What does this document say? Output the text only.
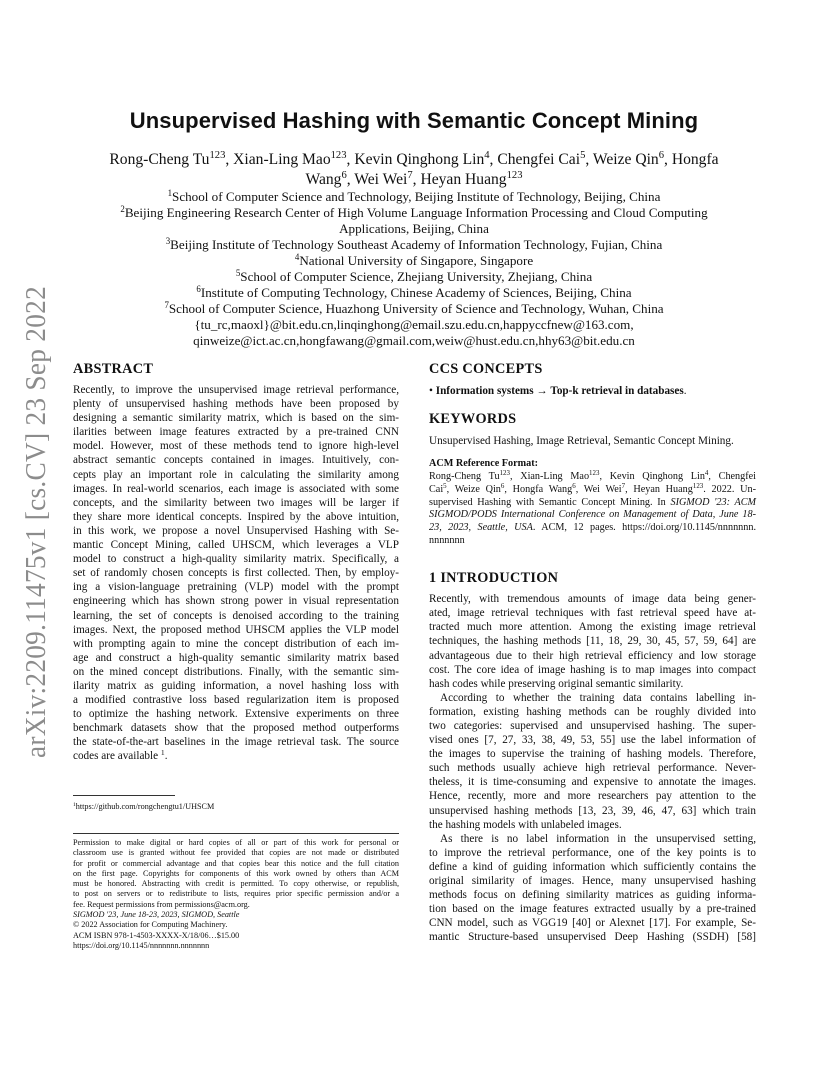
arXiv:2209.11475v1 [cs.CV] 23 Sep 2022
Unsupervised Hashing with Semantic Concept Mining
Rong-Cheng Tu$^{123}$, Xian-Ling Mao$^{123}$, Kevin Qinghong Lin$^4$, Chengfei Cai$^5$, Weize Qin$^6$, Hongfa
Wang$^6$, Wei Wei$^7$, Heyan Huang$^{123}$
$^1$School of Computer Science and Technology, Beijing Institute of Technology, Beijing, China
$^2$Beijing Engineering Research Center of High Volume Language Information Processing and Cloud Computing
Applications, Beijing, China
$^3$Beijing Institute of Technology Southeast Academy of Information Technology, Fujian, China
$^4$National University of Singapore, Singapore
$^5$School of Computer Science, Zhejiang University, Zhejiang, China
$^6$Institute of Computing Technology, Chinese Academy of Sciences, Beijing, China
$^7$School of Computer Science, Huazhong University of Science and Technology, Wuhan, China
{tu_rc,maoxl}@bit.edu.cn,linqinghong@email.szu.edu.cn,happyccfnew@163.com,
qinweize@ict.ac.cn,hongfawang@gmail.com,weiw@hust.edu.cn,hhy63@bit.edu.cn
ABSTRACT
Recently, to improve the unsupervised image retrieval performance,
plenty of unsupervised hashing methods have been proposed by
designing a semantic similarity matrix, which is based on the sim-
ilarities between image features extracted by a pre-trained CNN
model. However, most of these methods tend to ignore high-level
abstract semantic concepts contained in images. Intuitively, con-
cepts play an important role in calculating the similarity among
images. In real-world scenarios, each image is associated with some
concepts, and the similarity between two images will be larger if
they share more identical concepts. Inspired by the above intuition,
in this work, we propose a novel Unsupervised Hashing with Se-
mantic Concept Mining, called UHSCM, which leverages a VLP
model to construct a high-quality similarity matrix. Specifically, a
set of randomly chosen concepts is first collected. Then, by employ-
ing a vision-language pretraining (VLP) model with the prompt
engineering which has shown strong power in visual representation
learning, the set of concepts is denoised according to the training
images. Next, the proposed method UHSCM applies the VLP model
with prompting again to mine the concept distribution of each im-
age and construct a high-quality semantic similarity matrix based
on the mined concept distributions. Finally, with the semantic sim-
ilarity matrix as guiding information, a novel hashing loss with
a modified contrastive loss based regularization item is proposed
to optimize the hashing network. Extensive experiments on three
benchmark datasets show that the proposed method outperforms
the state-of-the-art baselines in the image retrieval task. The source
codes are available $^1$.
$^1$https://github.com/rongchengtu1/UHSCM
Permission to make digital or hard copies of all or part of this work for personal or
classroom use is granted without fee provided that copies are not made or distributed
for profit or commercial advantage and that copies bear this notice and the full citation
on the first page. Copyrights for components of this work owned by others than ACM
must be honored. Abstracting with credit is permitted. To copy otherwise, or republish,
to post on servers or to redistribute to lists, requires prior specific permission and/or a
fee. Request permissions from permissions@acm.org.
SIGMOD '23, June 18-23, 2023, SIGMOD, Seattle
© 2022 Association for Computing Machinery.
ACM ISBN 978-1-4503-XXXX-X/18/06…$15.00
https://doi.org/10.1145/nnnnnnn.nnnnnnn
CCS CONCEPTS

• Information systems → Top-k retrieval in databases.

KEYWORDS

Unsupervised Hashing, Image Retrieval, Semantic Concept Mining.

ACM Reference Format:
Rong-Cheng Tu$^{123}$, Xian-Ling Mao$^{123}$, Kevin Qinghong Lin$^4$, Chengfei
Cai$^5$, Weize Qin$^6$, Hongfa Wang$^6$, Wei Wei$^7$, Heyan Huang$^{123}$. 2022. Un-
supervised Hashing with Semantic Concept Mining. In SIGMOD '23: ACM
SIGMOD/PODS International Conference on Management of Data, June 18-
23, 2023, Seattle, USA. ACM, 12 pages. https://doi.org/10.1145/nnnnnnn.
nnnnnnn
1 INTRODUCTION
Recently, with tremendous amounts of image data being gener-
ated, image retrieval techniques with fast retrieval speed have at-
tracted much more attention. Among the existing image retrieval
techniques, the hashing methods [11, 18, 29, 30, 45, 57, 59, 64] are
advantageous due to their high retrieval efficiency and low storage
cost. The core idea of image hashing is to map images into compact
hash codes while preserving original semantic similarity.
According to whether the training data contains labelling in-
formation, existing hashing methods can be roughly divided into
two categories: supervised and unsupervised hashing. The super-
vised ones [7, 27, 33, 38, 49, 53, 55] use the label information of
the images to supervise the training of hashing models. Therefore,
such methods usually achieve high retrieval performance. Never-
theless, it is time-consuming and expensive to annotate the images.
Hence, recently, more and more researchers pay attention to the
unsupervised hashing methods [13, 23, 39, 46, 47, 63] which train
the hashing models with unlabeled images.
As there is no label information in the unsupervised setting,
to improve the retrieval performance, one of the key points is to
define a kind of guiding information which sufficiently contains the
original similarity of images. Hence, many unsupervised hashing
methods focus on defining similarity matrices as guiding informa-
tion based on the image features extracted usually by a pre-trained
CNN model, such as VGG19 [40] or Alexnet [17]. For example, Se-
mantic Structure-based unsupervised Deep Hashing (SSDH) [58]
